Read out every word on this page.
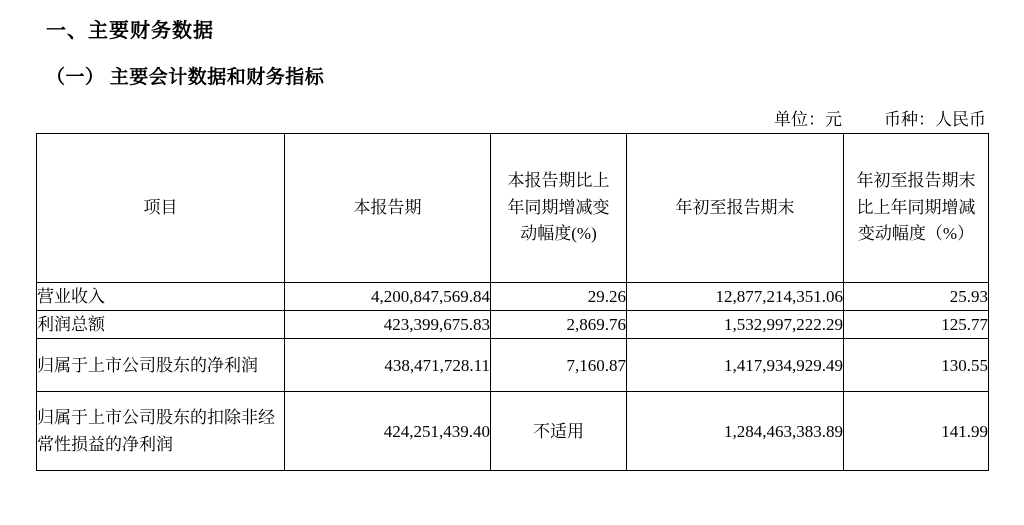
一、主要财务数据
（一） 主要会计数据和财务指标
单位：元 币种：人民币
项目	本报告期	本报告期比上年同期增减变动幅度(%)	年初至报告期末	年初至报告期末比上年同期增减变动幅度（%）
营业收入	4,200,847,569.84	29.26	12,877,214,351.06	25.93
利润总额	423,399,675.83	2,869.76	1,532,997,222.29	125.77
归属于上市公司股东的净利润	438,471,728.11	7,160.87	1,417,934,929.49	130.55
归属于上市公司股东的扣除非经常性损益的净利润	424,251,439.40	不适用	1,284,463,383.89	141.99
